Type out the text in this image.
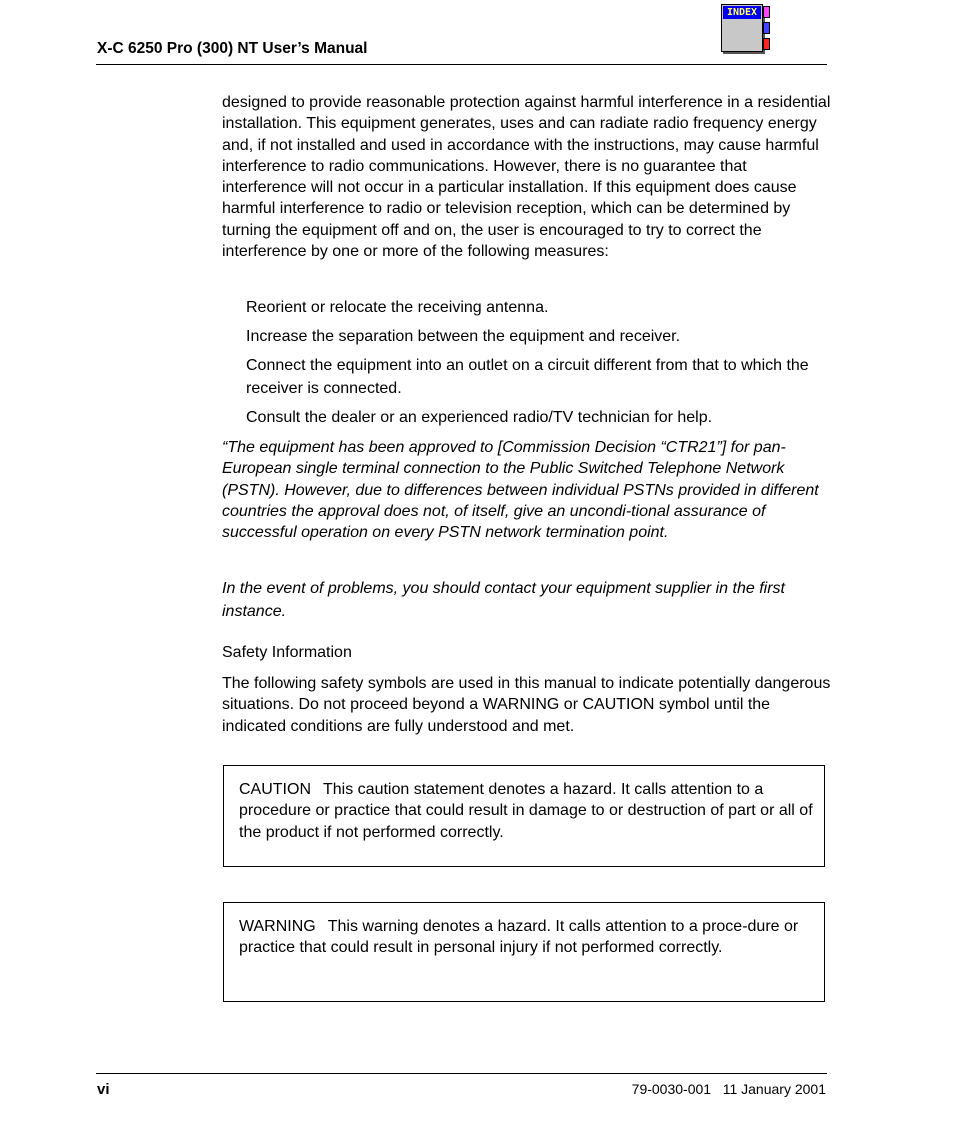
X-C 6250 Pro (300) NT User’s Manual
INDEX

designed to provide reasonable protection against harmful interference in a residential installation. This equipment generates, uses and can radiate radio frequency energy and, if not installed and used in accordance with the instructions, may cause harmful interference to radio communications. However, there is no guarantee that interference will not occur in a particular installation. If this equipment does cause harmful interference to radio or television reception, which can be determined by turning the equipment off and on, the user is encouraged to try to correct the interference by one or more of the following measures:

Reorient or relocate the receiving antenna.
Increase the separation between the equipment and receiver.
Connect the equipment into an outlet on a circuit different from that to which the receiver is connected.
Consult the dealer or an experienced radio/TV technician for help.

“The equipment has been approved to [Commission Decision “CTR21”] for pan-European single terminal connection to the Public Switched Telephone Network (PSTN). However, due to differences between individual PSTNs provided in different countries the approval does not, of itself, give an uncondi-tional assurance of successful operation on every PSTN network termination point.

In the event of problems, you should contact your equipment supplier in the first instance.

Safety Information

The following safety symbols are used in this manual to indicate potentially dangerous situations. Do not proceed beyond a WARNING or CAUTION symbol until the indicated conditions are fully understood and met.

CAUTION This caution statement denotes a hazard. It calls attention to a procedure or practice that could result in damage to or destruction of part or all of the product if not performed correctly.

WARNING This warning denotes a hazard. It calls attention to a proce-dure or practice that could result in personal injury if not performed correctly.

vi	79-0030-001   11 January 2001
